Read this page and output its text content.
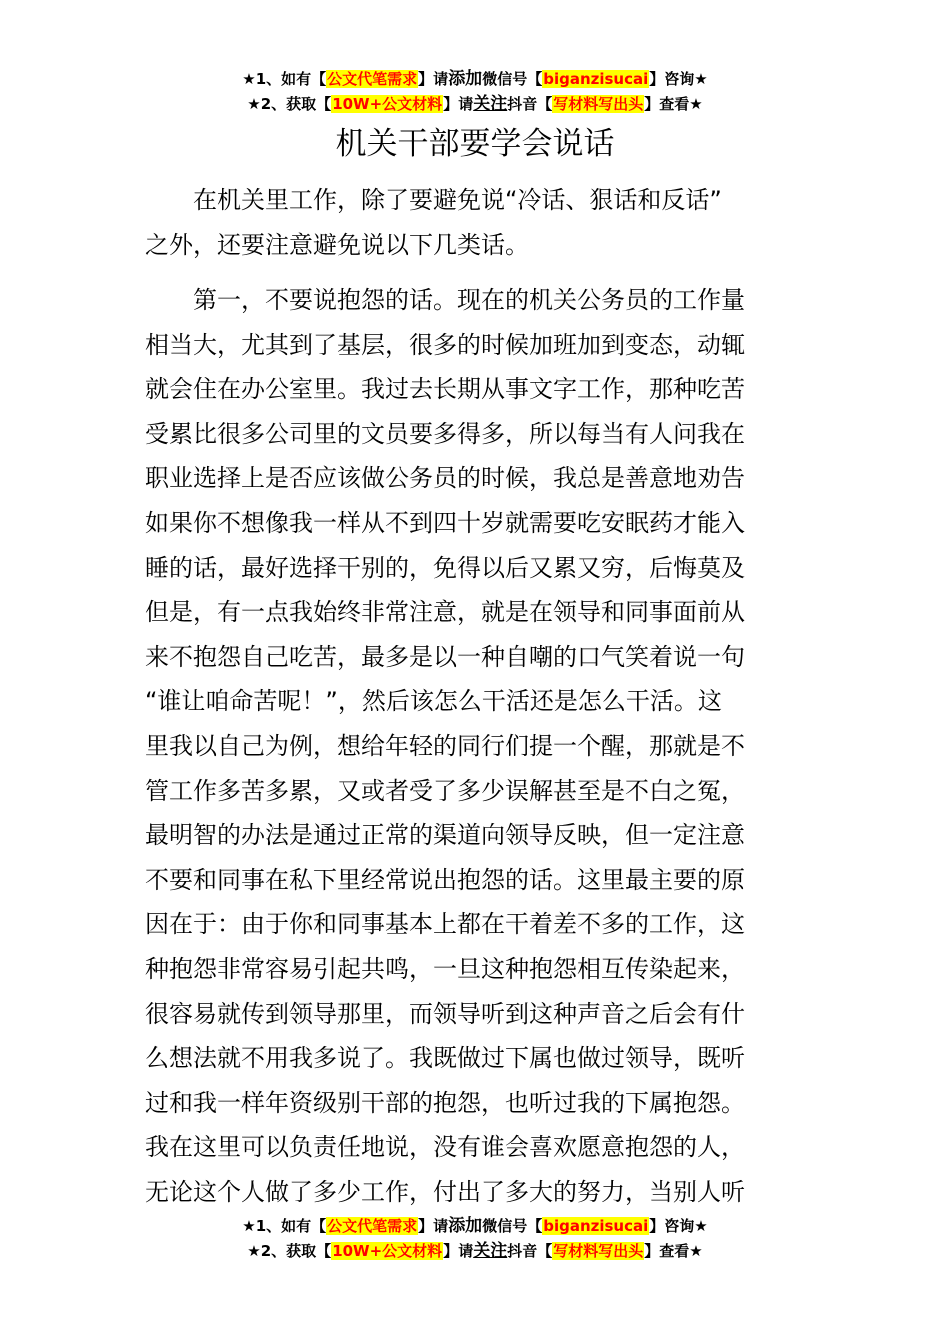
★1、如有【公文代笔需求】请添加微信号【biganzisucai】咨询★
★2、获取【10W+公文材料】请关注抖音【写材料写出头】查看★
机关干部要学会说话
　　在机关里工作，除了要避免说“冷话、狠话和反话”
之外，还要注意避免说以下几类话。
　　第一，不要说抱怨的话。现在的机关公务员的工作量
相当大，尤其到了基层，很多的时候加班加到变态，动辄
就会住在办公室里。我过去长期从事文字工作，那种吃苦
受累比很多公司里的文员要多得多，所以每当有人问我在
职业选择上是否应该做公务员的时候，我总是善意地劝告
如果你不想像我一样从不到四十岁就需要吃安眠药才能入
睡的话，最好选择干别的，免得以后又累又穷，后悔莫及
但是，有一点我始终非常注意，就是在领导和同事面前从
来不抱怨自己吃苦，最多是以一种自嘲的口气笑着说一句
“谁让咱命苦呢！”，然后该怎么干活还是怎么干活。这
里我以自己为例，想给年轻的同行们提一个醒，那就是不
管工作多苦多累，又或者受了多少误解甚至是不白之冤，
最明智的办法是通过正常的渠道向领导反映，但一定注意
不要和同事在私下里经常说出抱怨的话。这里最主要的原
因在于：由于你和同事基本上都在干着差不多的工作，这
种抱怨非常容易引起共鸣，一旦这种抱怨相互传染起来，
很容易就传到领导那里，而领导听到这种声音之后会有什
么想法就不用我多说了。我既做过下属也做过领导，既听
过和我一样年资级别干部的抱怨，也听过我的下属抱怨。
我在这里可以负责任地说，没有谁会喜欢愿意抱怨的人，
无论这个人做了多少工作，付出了多大的努力，当别人听
★1、如有【公文代笔需求】请添加微信号【biganzisucai】咨询★
★2、获取【10W+公文材料】请关注抖音【写材料写出头】查看★
